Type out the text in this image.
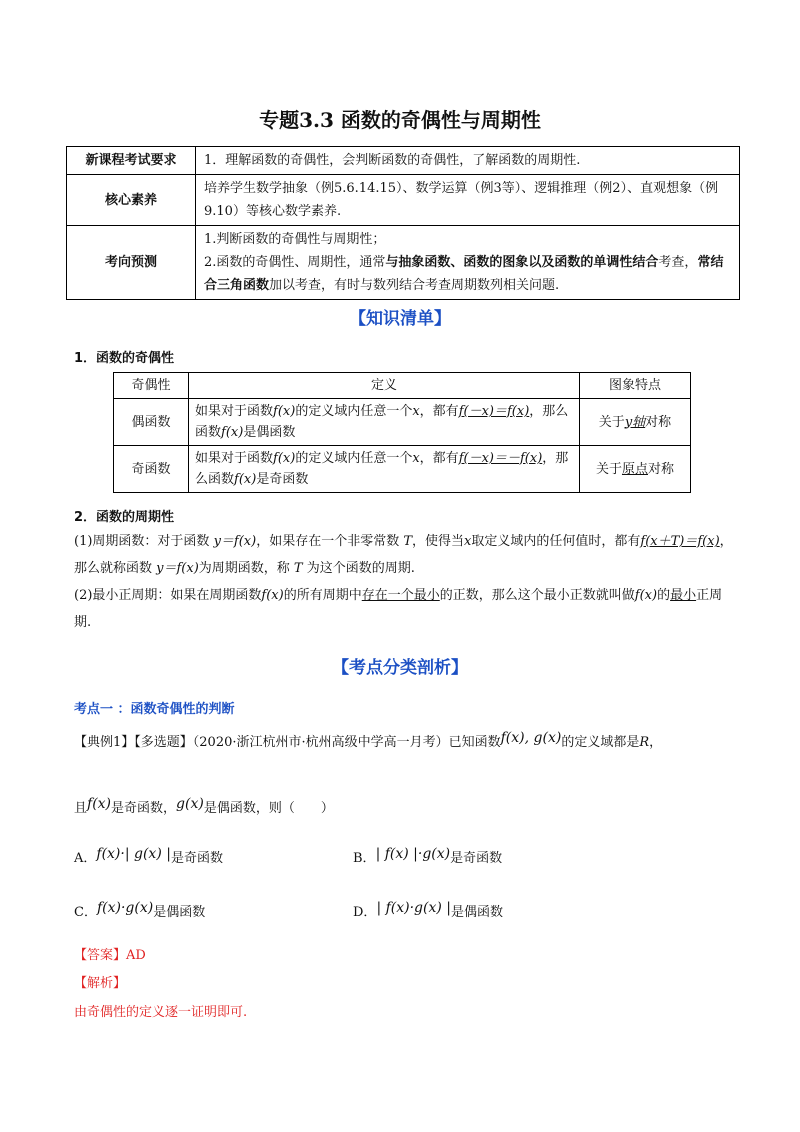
专题3.3 函数的奇偶性与周期性
新课程考试要求	1．理解函数的奇偶性，会判断函数的奇偶性，了解函数的周期性.
核心素养	培养学生数学抽象（例5.6.14.15）、数学运算（例3等）、逻辑推理（例2）、直观想象（例9.10）等核心数学素养.
考向预测	1.判断函数的奇偶性与周期性；
2.函数的奇偶性、周期性，通常与抽象函数、函数的图象以及函数的单调性结合考查，常结合三角函数加以考查，有时与数列结合考查周期数列相关问题.
【知识清单】
1．函数的奇偶性
奇偶性	定义	图象特点
偶函数	如果对于函数f(x)的定义域内任意一个x，都有f(－x)＝f(x)，那么函数f(x)是偶函数	关于y轴对称
奇函数	如果对于函数f(x)的定义域内任意一个x，都有f(－x)＝－f(x)，那么函数f(x)是奇函数	关于原点对称
2．函数的周期性
(1)周期函数：对于函数 y＝f(x)，如果存在一个非零常数 T，使得当x取定义域内的任何值时，都有f(x＋T)＝f(x)，那么就称函数 y＝f(x)为周期函数，称 T 为这个函数的周期.
(2)最小正周期：如果在周期函数f(x)的所有周期中存在一个最小的正数，那么这个最小正数就叫做f(x)的最小正周期.
【考点分类剖析】
考点一 ：函数奇偶性的判断
【典例1】【多选题】（2020·浙江杭州市·杭州高级中学高一月考）已知函数f(x), g(x)的定义域都是R，
且f(x)是奇函数，g(x)是偶函数，则（　　）
A．f(x)·| g(x) |是奇函数	B．| f(x) |·g(x)是奇函数
C．f(x)·g(x)是偶函数	D．| f(x)·g(x) |是偶函数
【答案】AD
【解析】
由奇偶性的定义逐一证明即可.
